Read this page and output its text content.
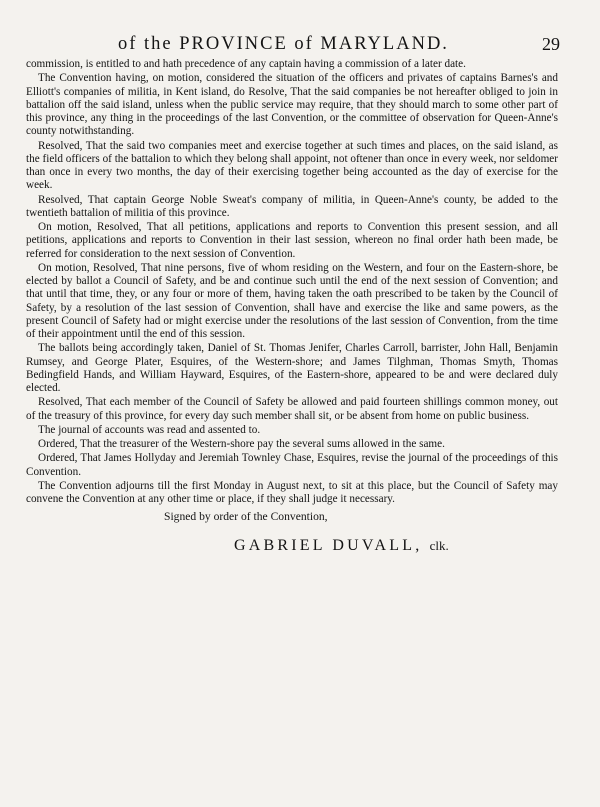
of the PROVINCE of MARYLAND.	29

commission, is entitled to and hath precedence of any captain having a commission of a later date.

The Convention having, on motion, considered the situation of the officers and privates of captains Barnes's and Elliott's companies of militia, in Kent island, do Resolve, That the said companies be not hereafter obliged to join in battalion off the said island, unless when the public service may require, that they should march to some other part of this province, any thing in the proceedings of the last Convention, or the committee of observation for Queen-Anne's county notwithstanding.

Resolved, That the said two companies meet and exercise together at such times and places, on the said island, as the field officers of the battalion to which they belong shall appoint, not oftener than once in every week, nor seldomer than once in every two months, the day of their exercising together being accounted as the day of exercise for the week.

Resolved, That captain George Noble Sweat's company of militia, in Queen-Anne's county, be added to the twentieth battalion of militia of this province.

On motion, Resolved, That all petitions, applications and reports to Convention this present session, and all petitions, applications and reports to Convention in their last session, whereon no final order hath been made, be referred for consideration to the next session of Convention.

On motion, Resolved, That nine persons, five of whom residing on the Western, and four on the Eastern-shore, be elected by ballot a Council of Safety, and be and continue such until the end of the next session of Convention; and that until that time, they, or any four or more of them, having taken the oath prescribed to be taken by the Council of Safety, by a resolution of the last session of Convention, shall have and exercise the like and same powers, as the present Council of Safety had or might exercise under the resolutions of the last session of Convention, from the time of their appointment until the end of this session.

The ballots being accordingly taken, Daniel of St. Thomas Jenifer, Charles Carroll, barrister, John Hall, Benjamin Rumsey, and George Plater, Esquires, of the Western-shore; and James Tilghman, Thomas Smyth, Thomas Bedingfield Hands, and William Hayward, Esquires, of the Eastern-shore, appeared to be and were declared duly elected.

Resolved, That each member of the Council of Safety be allowed and paid fourteen shillings common money, out of the treasury of this province, for every day such member shall sit, or be absent from home on public business.

The journal of accounts was read and assented to.

Ordered, That the treasurer of the Western-shore pay the several sums allowed in the same.

Ordered, That James Hollyday and Jeremiah Townley Chase, Esquires, revise the journal of the proceedings of this Convention.

The Convention adjourns till the first Monday in August next, to sit at this place, but the Council of Safety may convene the Convention at any other time or place, if they shall judge it necessary.

Signed by order of the Convention,
GABRIEL DUVALL, clk.
